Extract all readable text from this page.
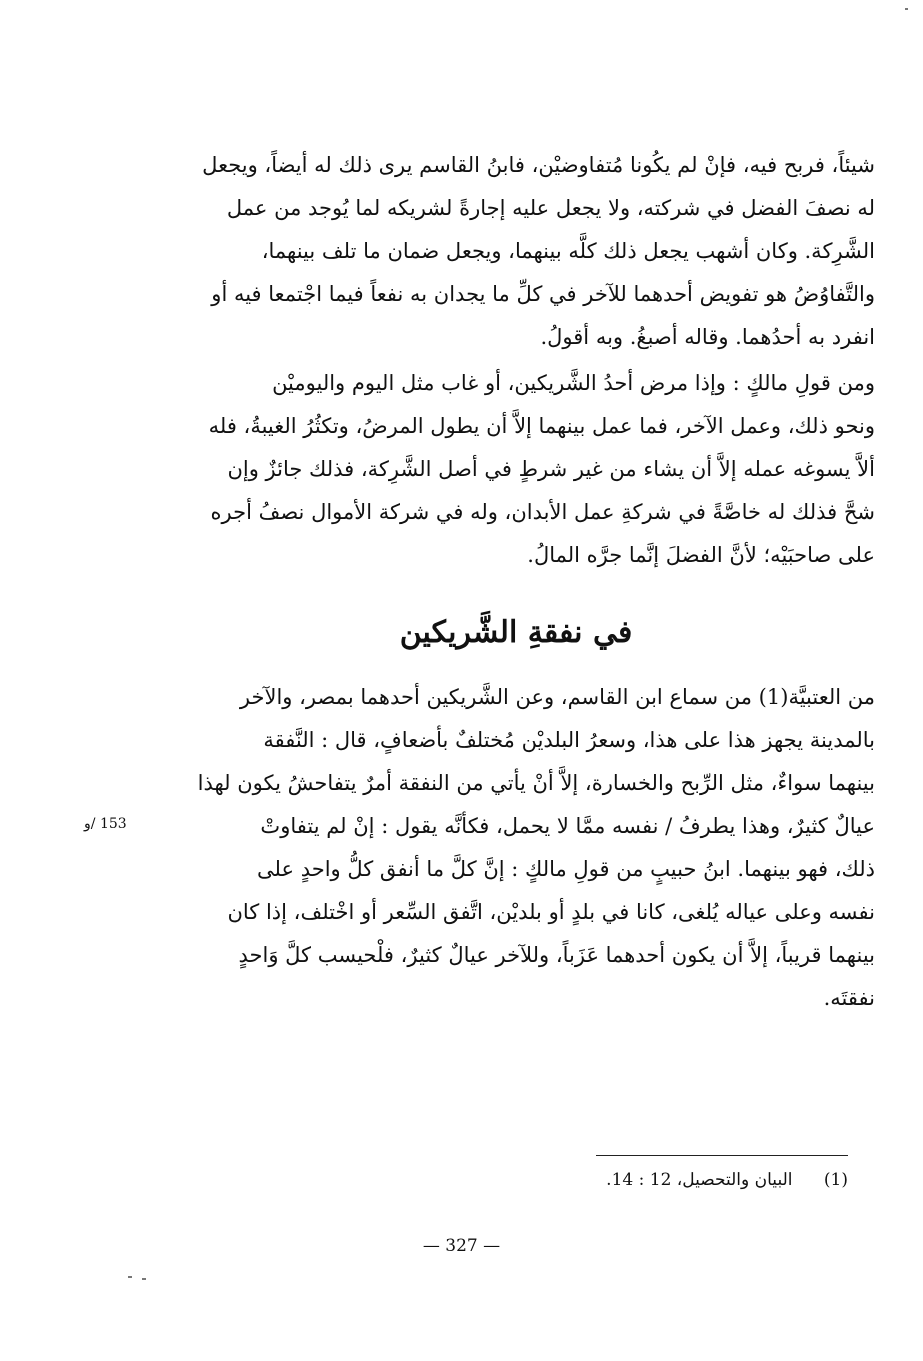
شيئاً، فربح فيه، فإنْ لم يكُونا مُتفاوضيْن، فابنُ القاسم يرى ذلك له أيضاً، ويجعل
له نصفَ الفضل في شركته، ولا يجعل عليه إجارةً لشريكه لما يُوجد من عمل
الشَّرِكة. وكان أشهب يجعل ذلك كلَّه بينهما، ويجعل ضمان ما تلف بينهما،
والتَّفاوُضُ هو تفويض أحدهما للآخر في كلِّ ما يجدان به نفعاً فيما اجْتمعا فيه أو
انفرد به أحدُهما. وقاله أصبغُ. وبه أقولُ.
ومن قولِ مالكٍ : وإذا مرض أحدُ الشَّريكين، أو غاب مثل اليوم واليوميْن
ونحو ذلك، وعمل الآخر، فما عمل بينهما إلاَّ أن يطول المرضُ، وتكثُرُ الغيبةُ، فله
ألاَّ يسوغه عمله إلاَّ أن يشاء من غير شرطٍ في أصل الشَّرِكة، فذلك جائزٌ وإن
شحَّ فذلك له خاصَّةً في شركةِ عمل الأبدان، وله في شركة الأموال نصفُ أجره
على صاحبَيْه؛ لأنَّ الفضلَ إنَّما جرَّه المالُ.
في نفقةِ الشَّريكين
من العتبيَّة(1) من سماع ابن القاسم، وعن الشَّريكين أحدهما بمصر، والآخر
بالمدينة يجهز هذا على هذا، وسعرُ البلديْن مُختلفٌ بأضعافٍ، قال : النَّفقة
بينهما سواءٌ، مثل الرِّبح والخسارة، إلاَّ أنْ يأتي من النفقة أمرٌ يتفاحشُ يكون لهذا
عيالٌ كثيرٌ، وهذا يطرفُ / نفسه ممَّا لا يحمل، فكأنَّه يقول : إنْ لم يتفاوتْ
ذلك، فهو بينهما. ابنُ حبيبٍ من قولِ مالكٍ : إنَّ كلَّ ما أنفق كلُّ واحدٍ على
نفسه وعلى عياله يُلغى، كانا في بلدٍ أو بلديْن، اتَّفق السِّعر أو اخْتلف، إذا كان
بينهما قريباً، إلاَّ أن يكون أحدهما عَزَباً، وللآخر عيالٌ كثيرٌ، فلْحيسب كلَّ وَاحدٍ
نفقتَه.
153 /و
(1) البيان والتحصيل، 12 : 14.
— 327 —
